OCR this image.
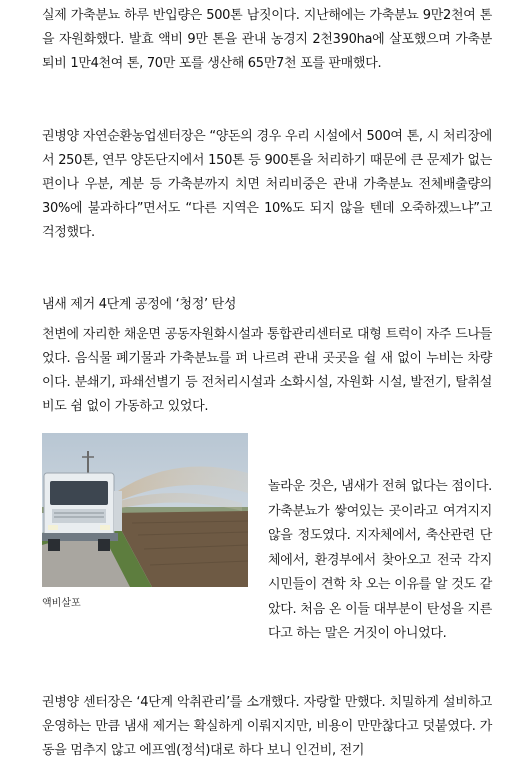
실제 가축분뇨 하루 반입량은 500톤 남짓이다. 지난해에는 가축분뇨 9만2천여 톤을 자원화했다. 발효 액비 9만 톤을 관내 농경지 2천390ha에 살포했으며 가축분 퇴비 1만4천여 톤, 70만 포를 생산해 65만7천 포를 판매했다.

권병양 자연순환농업센터장은 “양돈의 경우 우리 시설에서 500여 톤, 시 처리장에서 250톤, 연무 양돈단지에서 150톤 등 900톤을 처리하기 때문에 큰 문제가 없는 편이나 우분, 계분 등 가축분까지 치면 처리비중은 관내 가축분뇨 전체배출량의 30%에 불과하다”면서도 “다른 지역은 10%도 되지 않을 텐데 오죽하겠느냐”고 걱정했다.

냄새 제거 4단계 공정에 ‘청정’ 탄성

천변에 자리한 채운면 공동자원화시설과 통합관리센터로 대형 트럭이 자주 드나들었다. 음식물 폐기물과 가축분뇨를 퍼 나르려 관내 곳곳을 쉴 새 없이 누비는 차량이다. 분쇄기, 파쇄선별기 등 전처리시설과 소화시설, 자원화 시설, 발전기, 탈취설비도 쉼 없이 가동하고 있었다.

액비살포

놀라운 것은, 냄새가 전혀 없다는 점이다. 가축분뇨가 쌓여있는 곳이라고 여겨지지 않을 정도였다. 지자체에서, 축산관련 단체에서, 환경부에서 찾아오고 전국 각지 시민들이 견학 차 오는 이유를 알 것도 같았다. 처음 온 이들 대부분이 탄성을 지른다고 하는 말은 거짓이 아니었다.

권병양 센터장은 ‘4단계 악취관리’를 소개했다. 자랑할 만했다. 치밀하게 설비하고 운영하는 만큼 냄새 제거는 확실하게 이뤄지지만, 비용이 만만찮다고 덧붙였다. 가동을 멈추지 않고 에프엠(정석)대로 하다 보니 인건비, 전기
